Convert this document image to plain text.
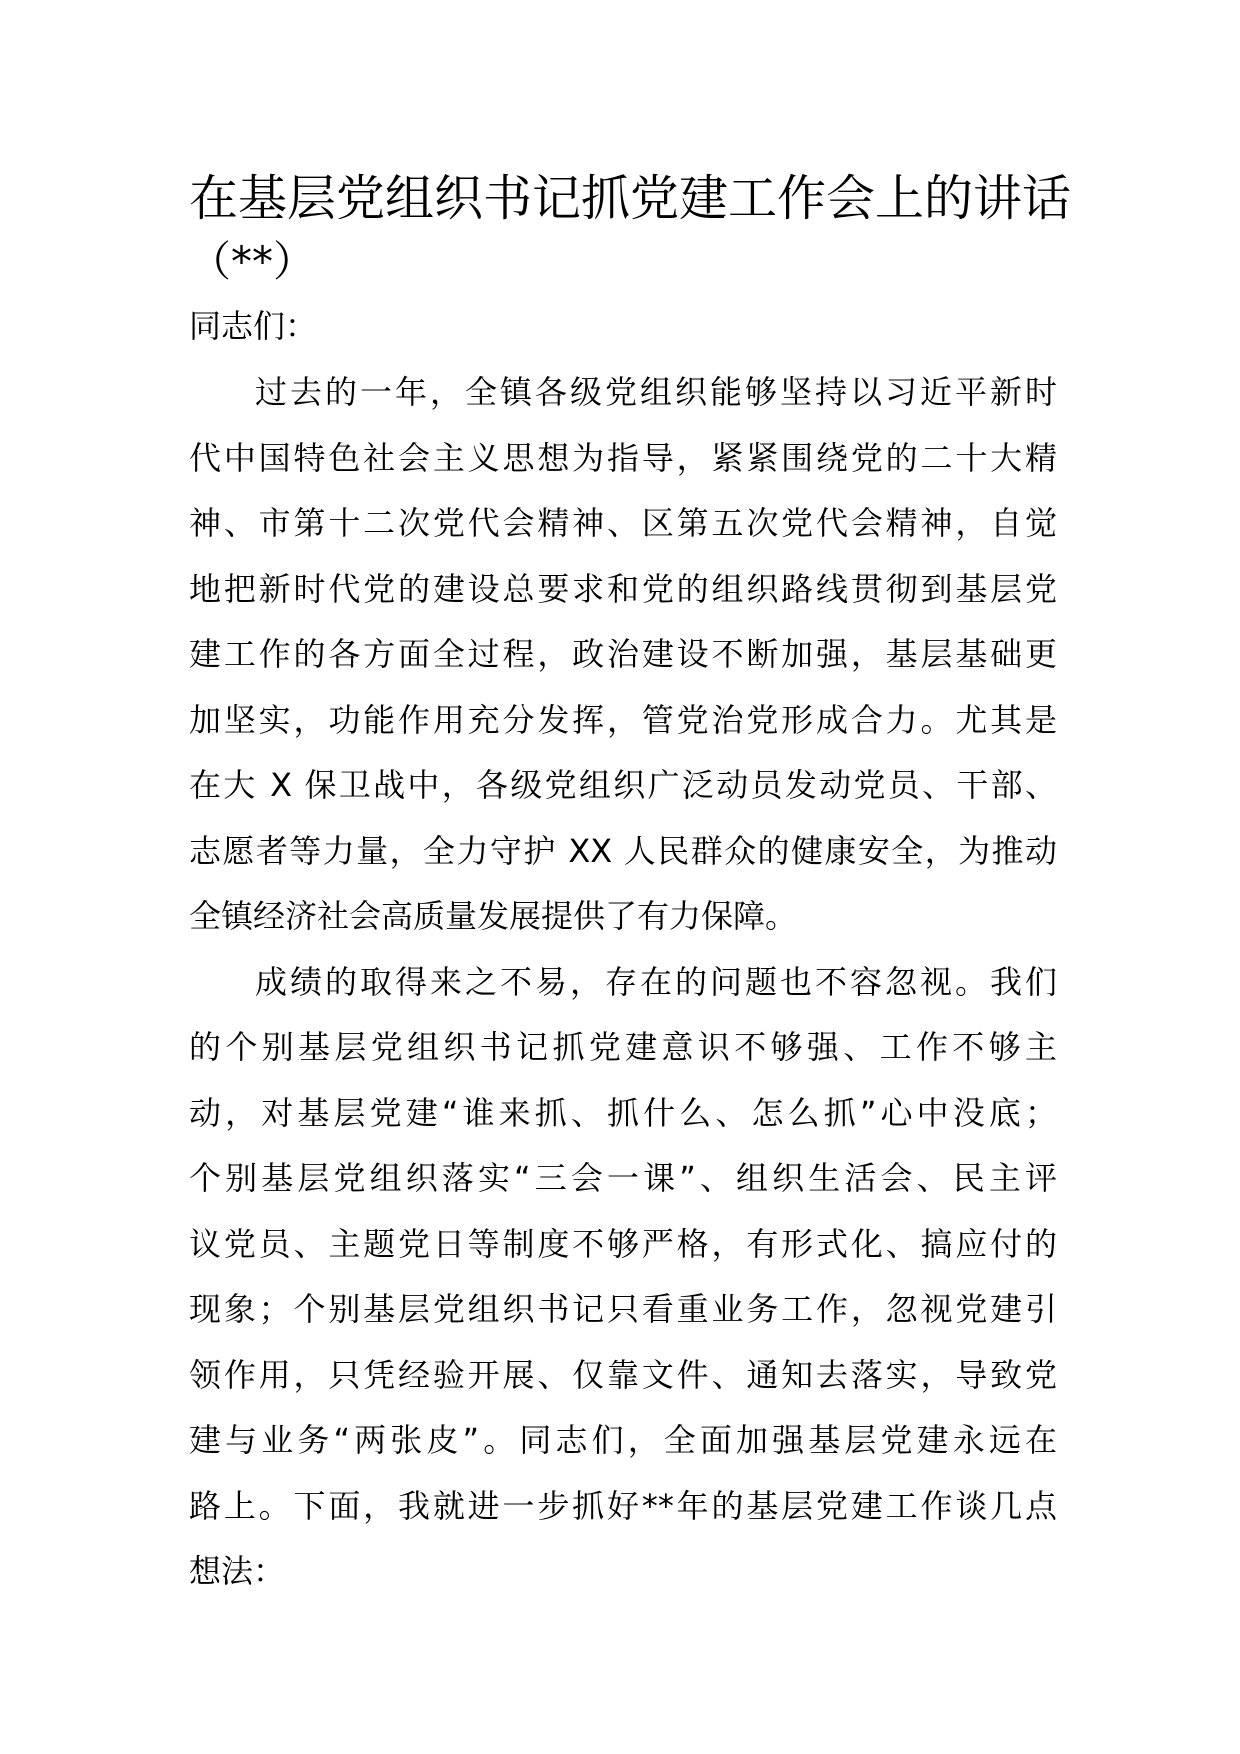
在基层党组织书记抓党建工作会上的讲话
（**）
同志们：
过去的一年，全镇各级党组织能够坚持以习近平新时
代中国特色社会主义思想为指导，紧紧围绕党的二十大精
神、市第十二次党代会精神、区第五次党代会精神，自觉
地把新时代党的建设总要求和党的组织路线贯彻到基层党
建工作的各方面全过程，政治建设不断加强，基层基础更
加坚实，功能作用充分发挥，管党治党形成合力。尤其是
在大 X 保卫战中，各级党组织广泛动员发动党员、干部、
志愿者等力量，全力守护 XX 人民群众的健康安全，为推动
全镇经济社会高质量发展提供了有力保障。
成绩的取得来之不易，存在的问题也不容忽视。我们
的个别基层党组织书记抓党建意识不够强、工作不够主
动，对基层党建“谁来抓、抓什么、怎么抓”心中没底；
个别基层党组织落实“三会一课”、组织生活会、民主评
议党员、主题党日等制度不够严格，有形式化、搞应付的
现象；个别基层党组织书记只看重业务工作，忽视党建引
领作用，只凭经验开展、仅靠文件、通知去落实，导致党
建与业务“两张皮”。同志们，全面加强基层党建永远在
路上。下面，我就进一步抓好**年的基层党建工作谈几点
想法：
